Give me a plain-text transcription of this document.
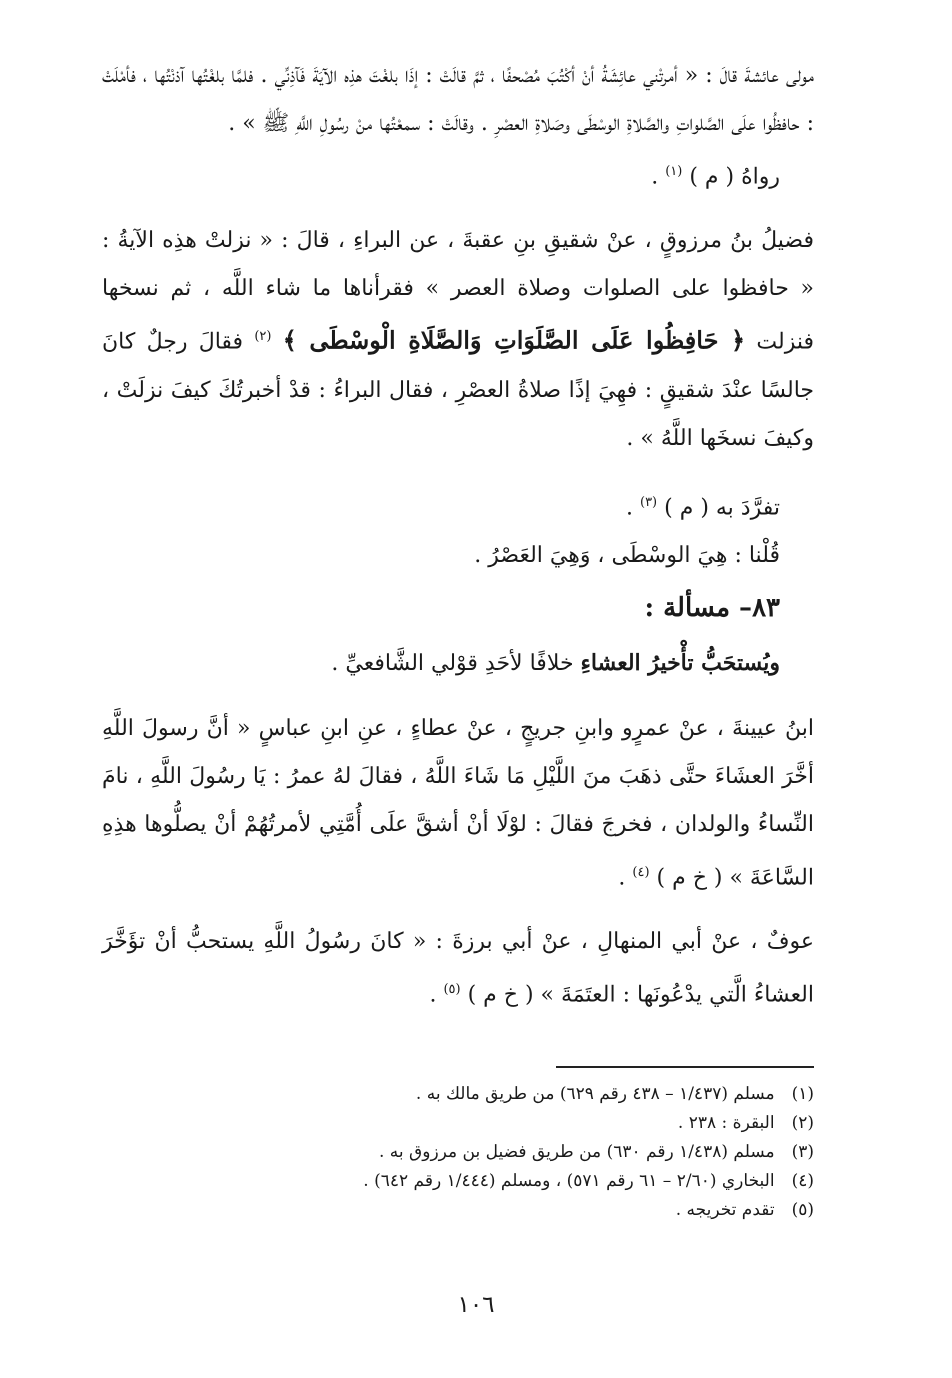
مولى عائشةَ قالَ : « أمرتْني عائِشَةُ أنْ أكْتُبَ مُصْحفًا ، ثمَّ قالَتْ : إذَا بلغْتَ هذِه الآيَةَ فَآذِنِّي . فلمَّا بلغْتُها آذنْتُها ، فأمْلَتْ : حافظُوا علَى الصَّلواتِ والصَّلاةِ الوسْطَى وصَلاةِ العصْرِ . وقالَتْ : سمعْتُها منْ رسُولِ اللَّهِ ﷺ » .

رواهُ ( م ) $^{(١)}$ .

فضيلُ بنُ مرزوقٍ ، عنْ شقيقِ بنِ عقبةَ ، عن البراءِ ، قالَ : « نزلتْ هذِه الآيةُ : « حافظوا على الصلوات وصلاة العصر » فقرأناها ما شاء اللَّه ، ثم نسخها فنزلت ﴿ حَافِظُوا عَلَى الصَّلَوَاتِ وَالصَّلَاةِ الْوسْطَى ﴾ $^{(٢)}$ فقالَ رجلٌ كانَ جالسًا عنْدَ شقيقٍ : فهِيَ إذًا صلاةُ العصْرِ ، فقال البراءُ : قدْ أخبرتُكَ كيفَ نزلَتْ ، وكيفَ نسخَها اللَّهُ » .

تفرَّدَ به ( م ) $^{(٣)}$ .

قُلْنا : هِيَ الوسْطَى ، وَهِيَ العَصْرُ .

٨٣– مسألة :

ويُستحَبُّ تأْخيرُ العشاءِ خلافًا لأحَدِ قوْلي الشَّافعيِّ .

ابنُ عيينةَ ، عنْ عمرٍو وابنِ جريجٍ ، عنْ عطاءٍ ، عنِ ابنِ عباسٍ « أنَّ رسولَ اللَّهِ أخَّرَ العشَاءَ حتَّى ذهَبَ منَ اللَّيْلِ مَا شَاءَ اللَّهُ ، فقالَ لهُ عمرُ : يَا رسُولَ اللَّهِ ، نامَ النِّساءُ والولدان ، فخرجَ فقالَ : لوْلَا أنْ أشقَّ علَى أُمَّتِي لأمرتُهُمْ أنْ يصلُّوها هذِهِ السَّاعَةَ » ( خ م ) $^{(٤)}$ .

عوفٌ ، عنْ أبي المنهالِ ، عنْ أبي برزةَ : « كانَ رسُولُ اللَّهِ يستحبُّ أنْ تؤَخَّرَ العشاءُ الَّتي يدْعُونَها : العتَمَةَ » ( خ م ) $^{(٥)}$ .

(١) مسلم (١/٤٣٧ – ٤٣٨ رقم ٦٢٩) من طريق مالك به .

(٢) البقرة : ٢٣٨ .

(٣) مسلم (١/٤٣٨ رقم ٦٣٠) من طريق فضيل بن مرزوق به .

(٤) البخاري (٢/٦٠ – ٦١ رقم ٥٧١) ، ومسلم (١/٤٤٤ رقم ٦٤٢) .

(٥) تقدم تخريجه .

١٠٦
